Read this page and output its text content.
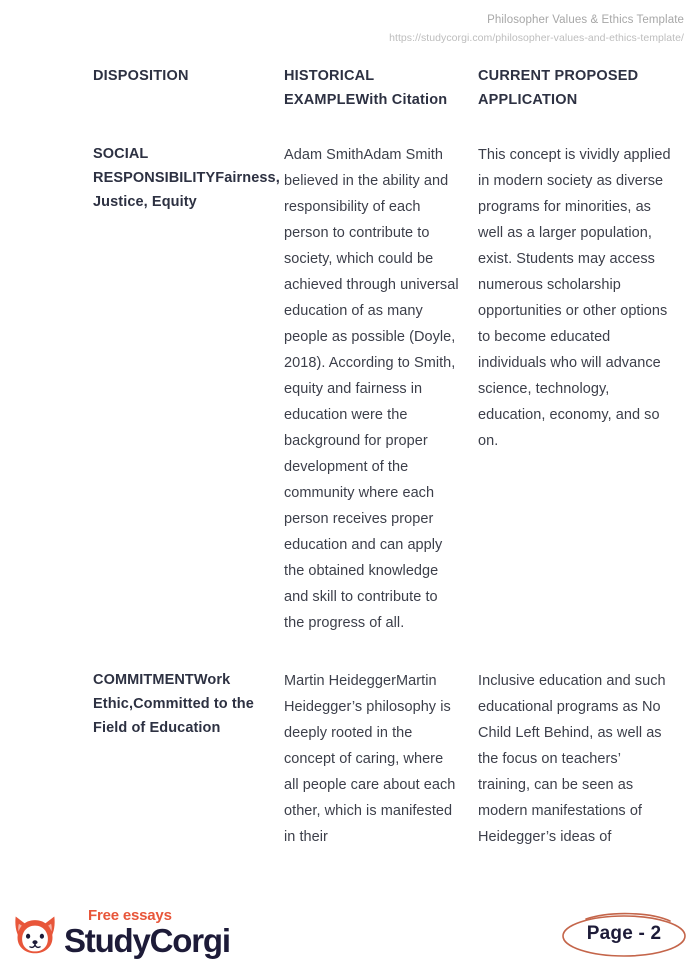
Philosopher Values & Ethics Template
https://studycorgi.com/philosopher-values-and-ethics-template/
DISPOSITION	HISTORICAL EXAMPLEWith Citation	CURRENT PROPOSED APPLICATION
SOCIAL RESPONSIBILITYFairness, Justice, Equity	Adam SmithAdam Smith believed in the ability and responsibility of each person to contribute to society, which could be achieved through universal education of as many people as possible (Doyle, 2018). According to Smith, equity and fairness in education were the background for proper development of the community where each person receives proper education and can apply the obtained knowledge and skill to contribute to the progress of all.	This concept is vividly applied in modern society as diverse programs for minorities, as well as a larger population, exist. Students may access numerous scholarship opportunities or other options to become educated individuals who will advance science, technology, education, economy, and so on.
COMMITMENTWork Ethic,Committed to the Field of Education	Martin HeideggerMartin Heidegger’s philosophy is deeply rooted in the concept of caring, where all people care about each other, which is manifested in their	Inclusive education and such educational programs as No Child Left Behind, as well as the focus on teachers’ training, can be seen as modern manifestations of Heidegger’s ideas of
Free essays
StudyCorgi	Page - 2
